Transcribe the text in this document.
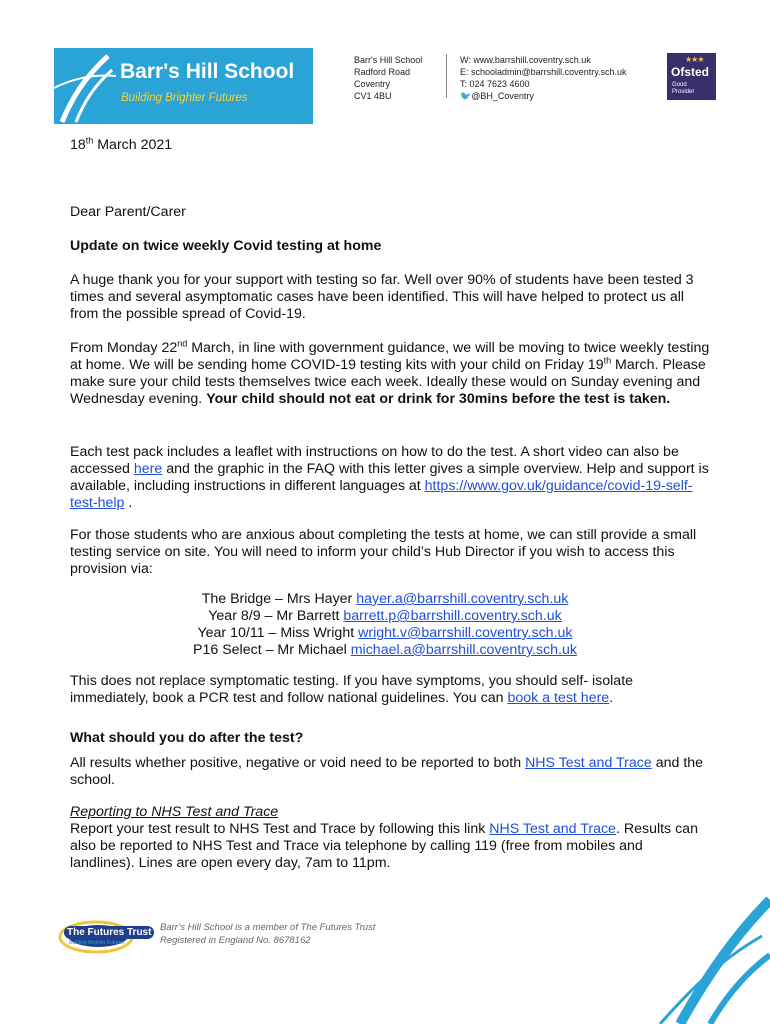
Barr's Hill School
Building Brighter Futures
Barr's Hill School
Radford Road
Coventry
CV1 4BU
W: www.barrshill.coventry.sch.uk
E: schooladmin@barrshill.coventry.sch.uk
T: 024 7623 4600
🐦@BH_Coventry
★★★
Ofsted
Good
Provider
18th March 2021
Dear Parent/Carer
Update on twice weekly Covid testing at home
A huge thank you for your support with testing so far. Well over 90% of students have been tested 3 times and several asymptomatic cases have been identified. This will have helped to protect us all from the possible spread of Covid-19.
From Monday 22nd March, in line with government guidance, we will be moving to twice weekly testing at home. We will be sending home COVID-19 testing kits with your child on Friday 19th March. Please make sure your child tests themselves twice each week. Ideally these would on Sunday evening and Wednesday evening. Your child should not eat or drink for 30mins before the test is taken.
Each test pack includes a leaflet with instructions on how to do the test. A short video can also be accessed here and the graphic in the FAQ with this letter gives a simple overview. Help and support is available, including instructions in different languages at https://www.gov.uk/guidance/covid-19-self-test-help .
For those students who are anxious about completing the tests at home, we can still provide a small testing service on site. You will need to inform your child’s Hub Director if you wish to access this provision via:
The Bridge – Mrs Hayer hayer.a@barrshill.coventry.sch.uk
Year 8/9 – Mr Barrett barrett.p@barrshill.coventry.sch.uk
Year 10/11 – Miss Wright wright.v@barrshill.coventry.sch.uk
P16 Select – Mr Michael michael.a@barrshill.coventry.sch.uk
This does not replace symptomatic testing. If you have symptoms, you should self- isolate immediately, book a PCR test and follow national guidelines. You can book a test here.
What should you do after the test?
All results whether positive, negative or void need to be reported to both NHS Test and Trace and the school.
Reporting to NHS Test and Trace
Report your test result to NHS Test and Trace by following this link NHS Test and Trace. Results can also be reported to NHS Test and Trace via telephone by calling 119 (free from mobiles and landlines). Lines are open every day, 7am to 11pm.
The Futures Trust
Building Brighter Futures
Barr’s Hill School is a member of The Futures Trust
Registered in England No. 8678162
